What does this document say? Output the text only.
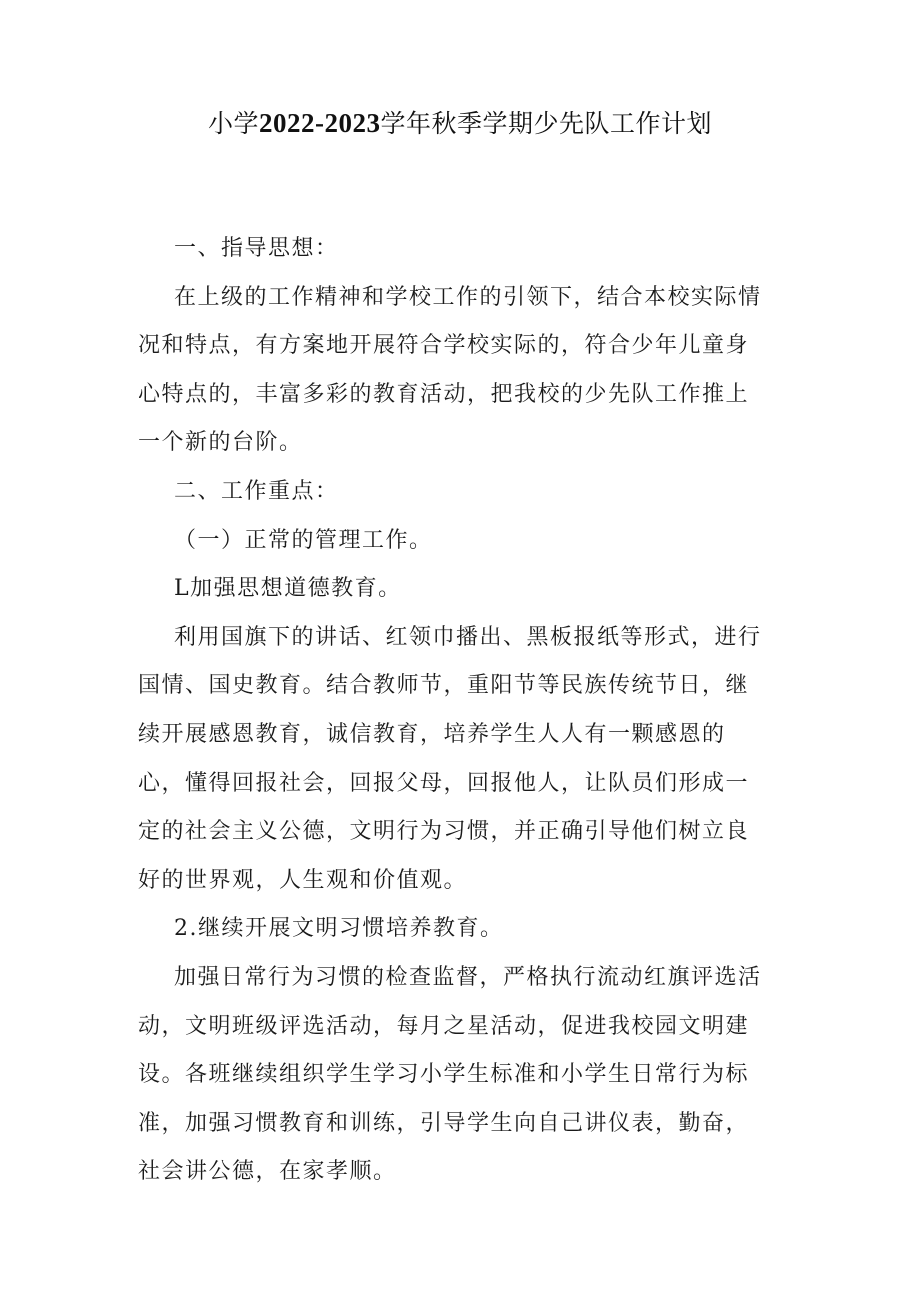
小学2022-2023学年秋季学期少先队工作计划

一、指导思想：

在上级的工作精神和学校工作的引领下，结合本校实际情况和特点，有方案地开展符合学校实际的，符合少年儿童身心特点的，丰富多彩的教育活动，把我校的少先队工作推上一个新的台阶。

二、工作重点：

（一）正常的管理工作。

L加强思想道德教育。

利用国旗下的讲话、红领巾播出、黑板报纸等形式，进行国情、国史教育。结合教师节，重阳节等民族传统节日，继续开展感恩教育，诚信教育，培养学生人人有一颗感恩的心，懂得回报社会，回报父母，回报他人，让队员们形成一定的社会主义公德，文明行为习惯，并正确引导他们树立良好的世界观，人生观和价值观。

2.继续开展文明习惯培养教育。

加强日常行为习惯的检查监督，严格执行流动红旗评选活动，文明班级评选活动，每月之星活动，促进我校园文明建设。各班继续组织学生学习小学生标准和小学生日常行为标准，加强习惯教育和训练，引导学生向自己讲仪表，勤奋，社会讲公德，在家孝顺。
